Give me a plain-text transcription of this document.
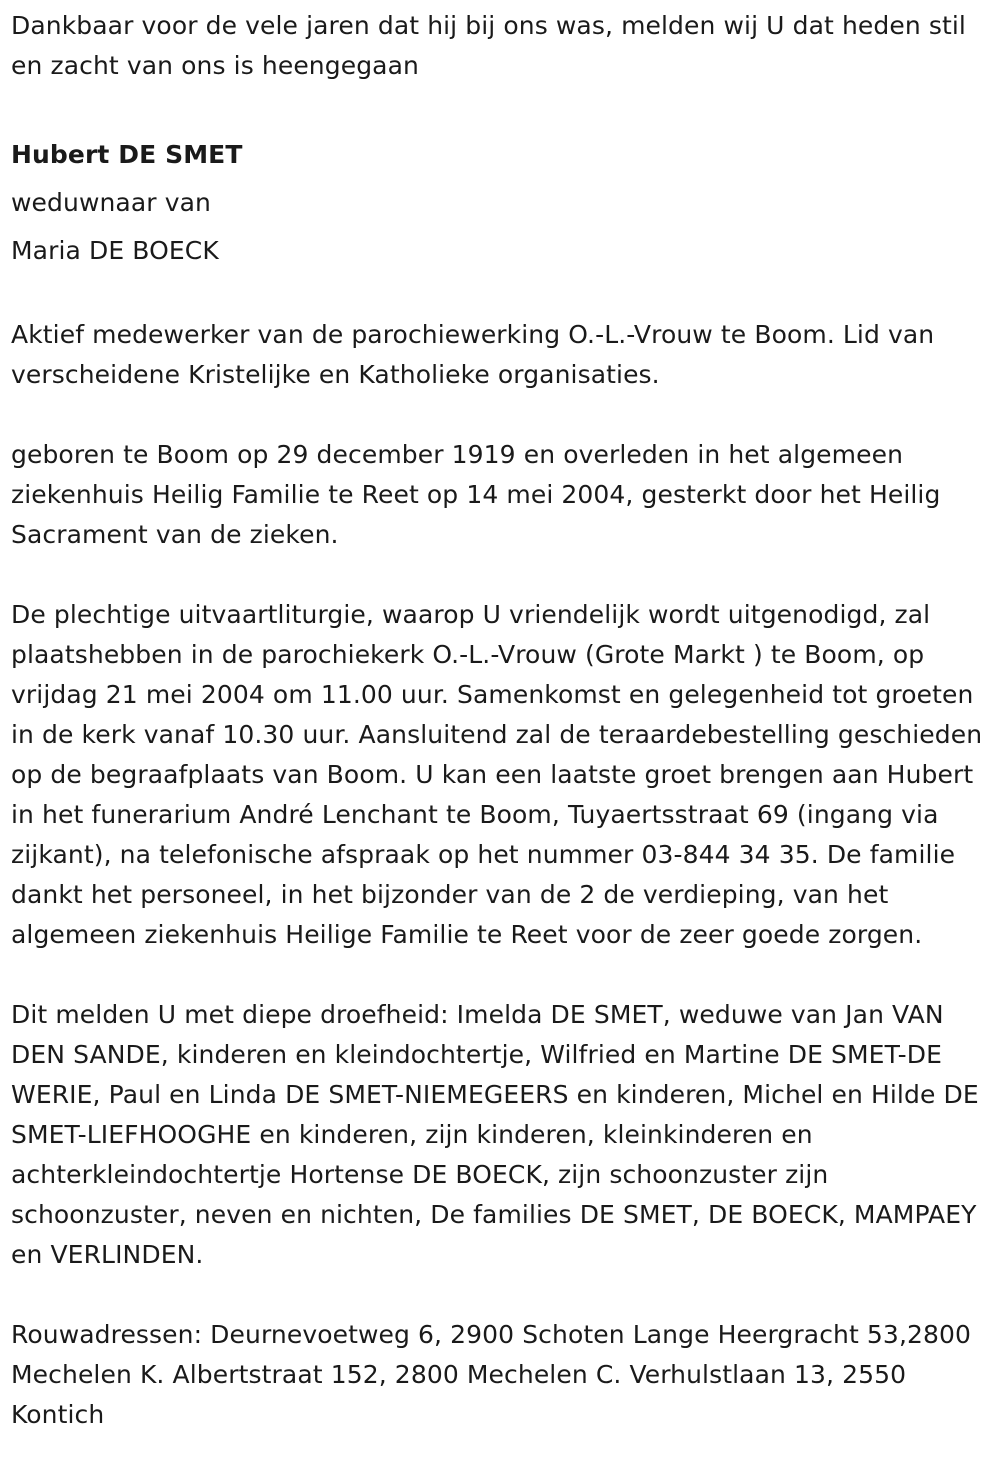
Dankbaar voor de vele jaren dat hij bij ons was, melden wij U dat heden stil en zacht van ons is heengegaan

Hubert DE SMET

weduwnaar van

Maria DE BOECK

Aktief medewerker van de parochiewerking O.-L.-Vrouw te Boom. Lid van verscheidene Kristelijke en Katholieke organisaties.

geboren te Boom op 29 december 1919 en overleden in het algemeen ziekenhuis Heilig Familie te Reet op 14 mei 2004, gesterkt door het Heilig Sacrament van de zieken.

De plechtige uitvaartliturgie, waarop U vriendelijk wordt uitgenodigd, zal plaatshebben in de parochiekerk O.-L.-Vrouw (Grote Markt ) te Boom, op vrijdag 21 mei 2004 om 11.00 uur. Samenkomst en gelegenheid tot groeten in de kerk vanaf 10.30 uur. Aansluitend zal de teraardebestelling geschieden op de begraafplaats van Boom. U kan een laatste groet brengen aan Hubert in het funerarium André Lenchant te Boom, Tuyaertsstraat 69 (ingang via zijkant), na telefonische afspraak op het nummer 03-844 34 35. De familie dankt het personeel, in het bijzonder van de 2 de verdieping, van het algemeen ziekenhuis Heilige Familie te Reet voor de zeer goede zorgen.

Dit melden U met diepe droefheid: Imelda DE SMET, weduwe van Jan VAN DEN SANDE, kinderen en kleindochtertje, Wilfried en Martine DE SMET-DE WERIE, Paul en Linda DE SMET-NIEMEGEERS en kinderen, Michel en Hilde DE SMET-LIEFHOOGHE en kinderen, zijn kinderen, kleinkinderen en achterkleindochtertje Hortense DE BOECK, zijn schoonzuster zijn schoonzuster, neven en nichten, De families DE SMET, DE BOECK, MAMPAEY en VERLINDEN.

Rouwadressen: Deurnevoetweg 6, 2900 Schoten Lange Heergracht 53,2800 Mechelen K. Albertstraat 152, 2800 Mechelen C. Verhulstlaan 13, 2550 Kontich
